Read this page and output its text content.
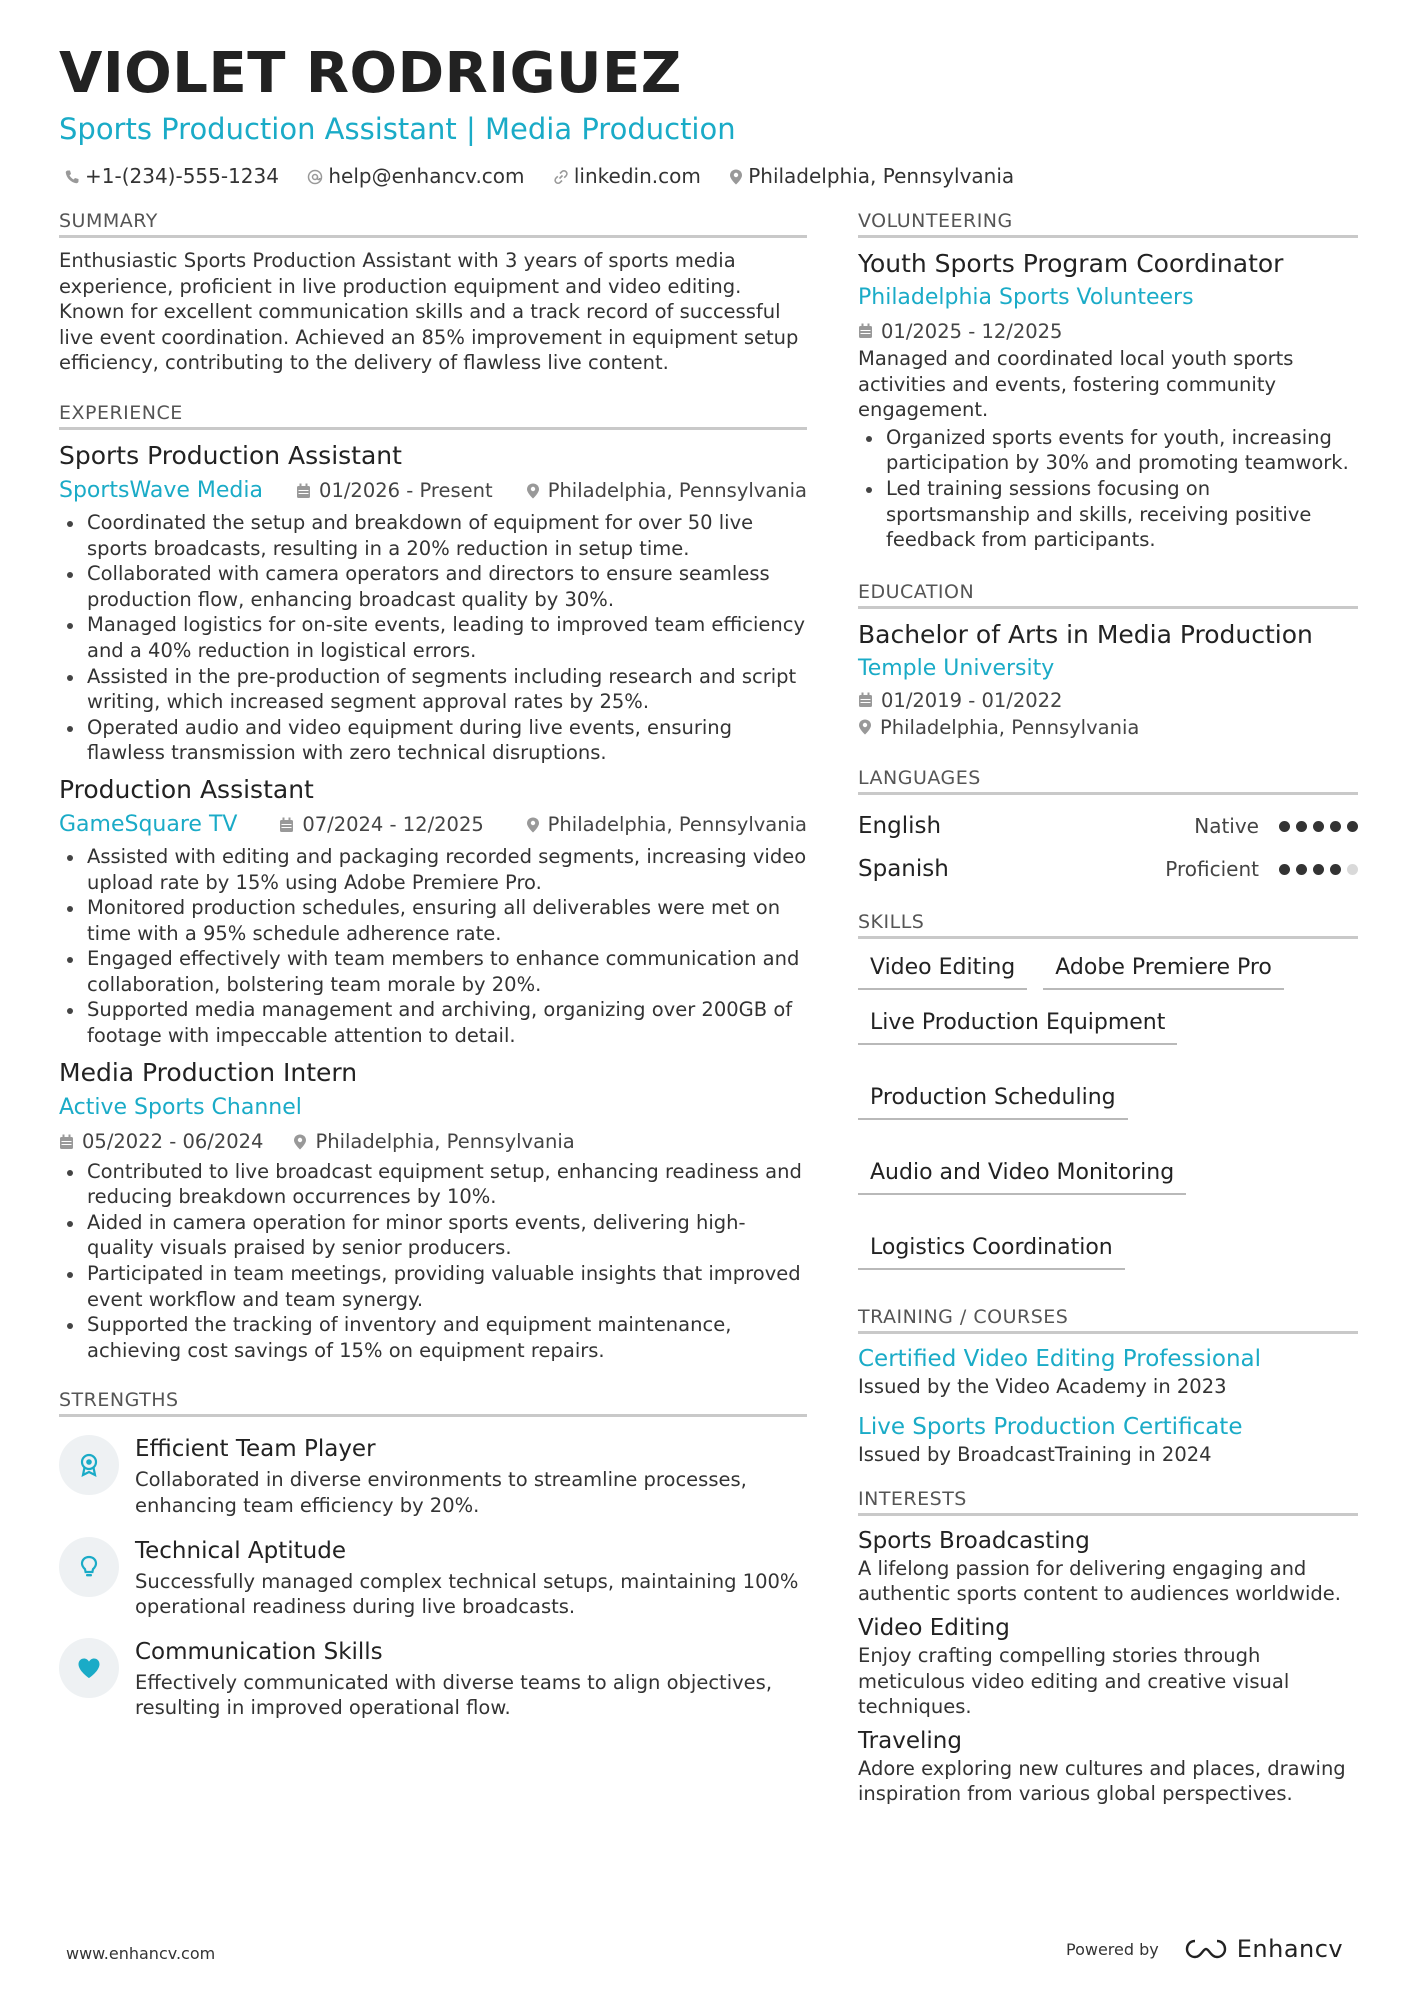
VIOLET RODRIGUEZ
Sports Production Assistant | Media Production
+1-(234)-555-1234 help@enhancv.com linkedin.com Philadelphia, Pennsylvania
SUMMARY
Enthusiastic Sports Production Assistant with 3 years of sports media experience, proficient in live production equipment and video editing. Known for excellent communication skills and a track record of successful live event coordination. Achieved an 85% improvement in equipment setup efficiency, contributing to the delivery of flawless live content.
EXPERIENCE
Sports Production Assistant
SportsWave Media	01/2026 - Present	Philadelphia, Pennsylvania
Coordinated the setup and breakdown of equipment for over 50 live sports broadcasts, resulting in a 20% reduction in setup time.
Collaborated with camera operators and directors to ensure seamless production flow, enhancing broadcast quality by 30%.
Managed logistics for on-site events, leading to improved team efficiency and a 40% reduction in logistical errors.
Assisted in the pre-production of segments including research and script writing, which increased segment approval rates by 25%.
Operated audio and video equipment during live events, ensuring flawless transmission with zero technical disruptions.
Production Assistant
GameSquare TV	07/2024 - 12/2025	Philadelphia, Pennsylvania
Assisted with editing and packaging recorded segments, increasing video upload rate by 15% using Adobe Premiere Pro.
Monitored production schedules, ensuring all deliverables were met on time with a 95% schedule adherence rate.
Engaged effectively with team members to enhance communication and collaboration, bolstering team morale by 20%.
Supported media management and archiving, organizing over 200GB of footage with impeccable attention to detail.
Media Production Intern
Active Sports Channel
05/2022 - 06/2024	Philadelphia, Pennsylvania
Contributed to live broadcast equipment setup, enhancing readiness and reducing breakdown occurrences by 10%.
Aided in camera operation for minor sports events, delivering high-quality visuals praised by senior producers.
Participated in team meetings, providing valuable insights that improved event workflow and team synergy.
Supported the tracking of inventory and equipment maintenance, achieving cost savings of 15% on equipment repairs.
STRENGTHS
Efficient Team Player
Collaborated in diverse environments to streamline processes, enhancing team efficiency by 20%.
Technical Aptitude
Successfully managed complex technical setups, maintaining 100% operational readiness during live broadcasts.
Communication Skills
Effectively communicated with diverse teams to align objectives, resulting in improved operational flow.
VOLUNTEERING
Youth Sports Program Coordinator
Philadelphia Sports Volunteers
01/2025 - 12/2025
Managed and coordinated local youth sports activities and events, fostering community engagement.
Organized sports events for youth, increasing participation by 30% and promoting teamwork.
Led training sessions focusing on sportsmanship and skills, receiving positive feedback from participants.
EDUCATION
Bachelor of Arts in Media Production
Temple University
01/2019 - 01/2022
Philadelphia, Pennsylvania
LANGUAGES
English	Native
Spanish	Proficient
SKILLS
Video Editing	Adobe Premiere Pro
Live Production Equipment
Production Scheduling
Audio and Video Monitoring
Logistics Coordination
TRAINING / COURSES
Certified Video Editing Professional
Issued by the Video Academy in 2023
Live Sports Production Certificate
Issued by BroadcastTraining in 2024
INTERESTS
Sports Broadcasting
A lifelong passion for delivering engaging and authentic sports content to audiences worldwide.
Video Editing
Enjoy crafting compelling stories through meticulous video editing and creative visual techniques.
Traveling
Adore exploring new cultures and places, drawing inspiration from various global perspectives.
www.enhancv.com	Powered by	Enhancv
